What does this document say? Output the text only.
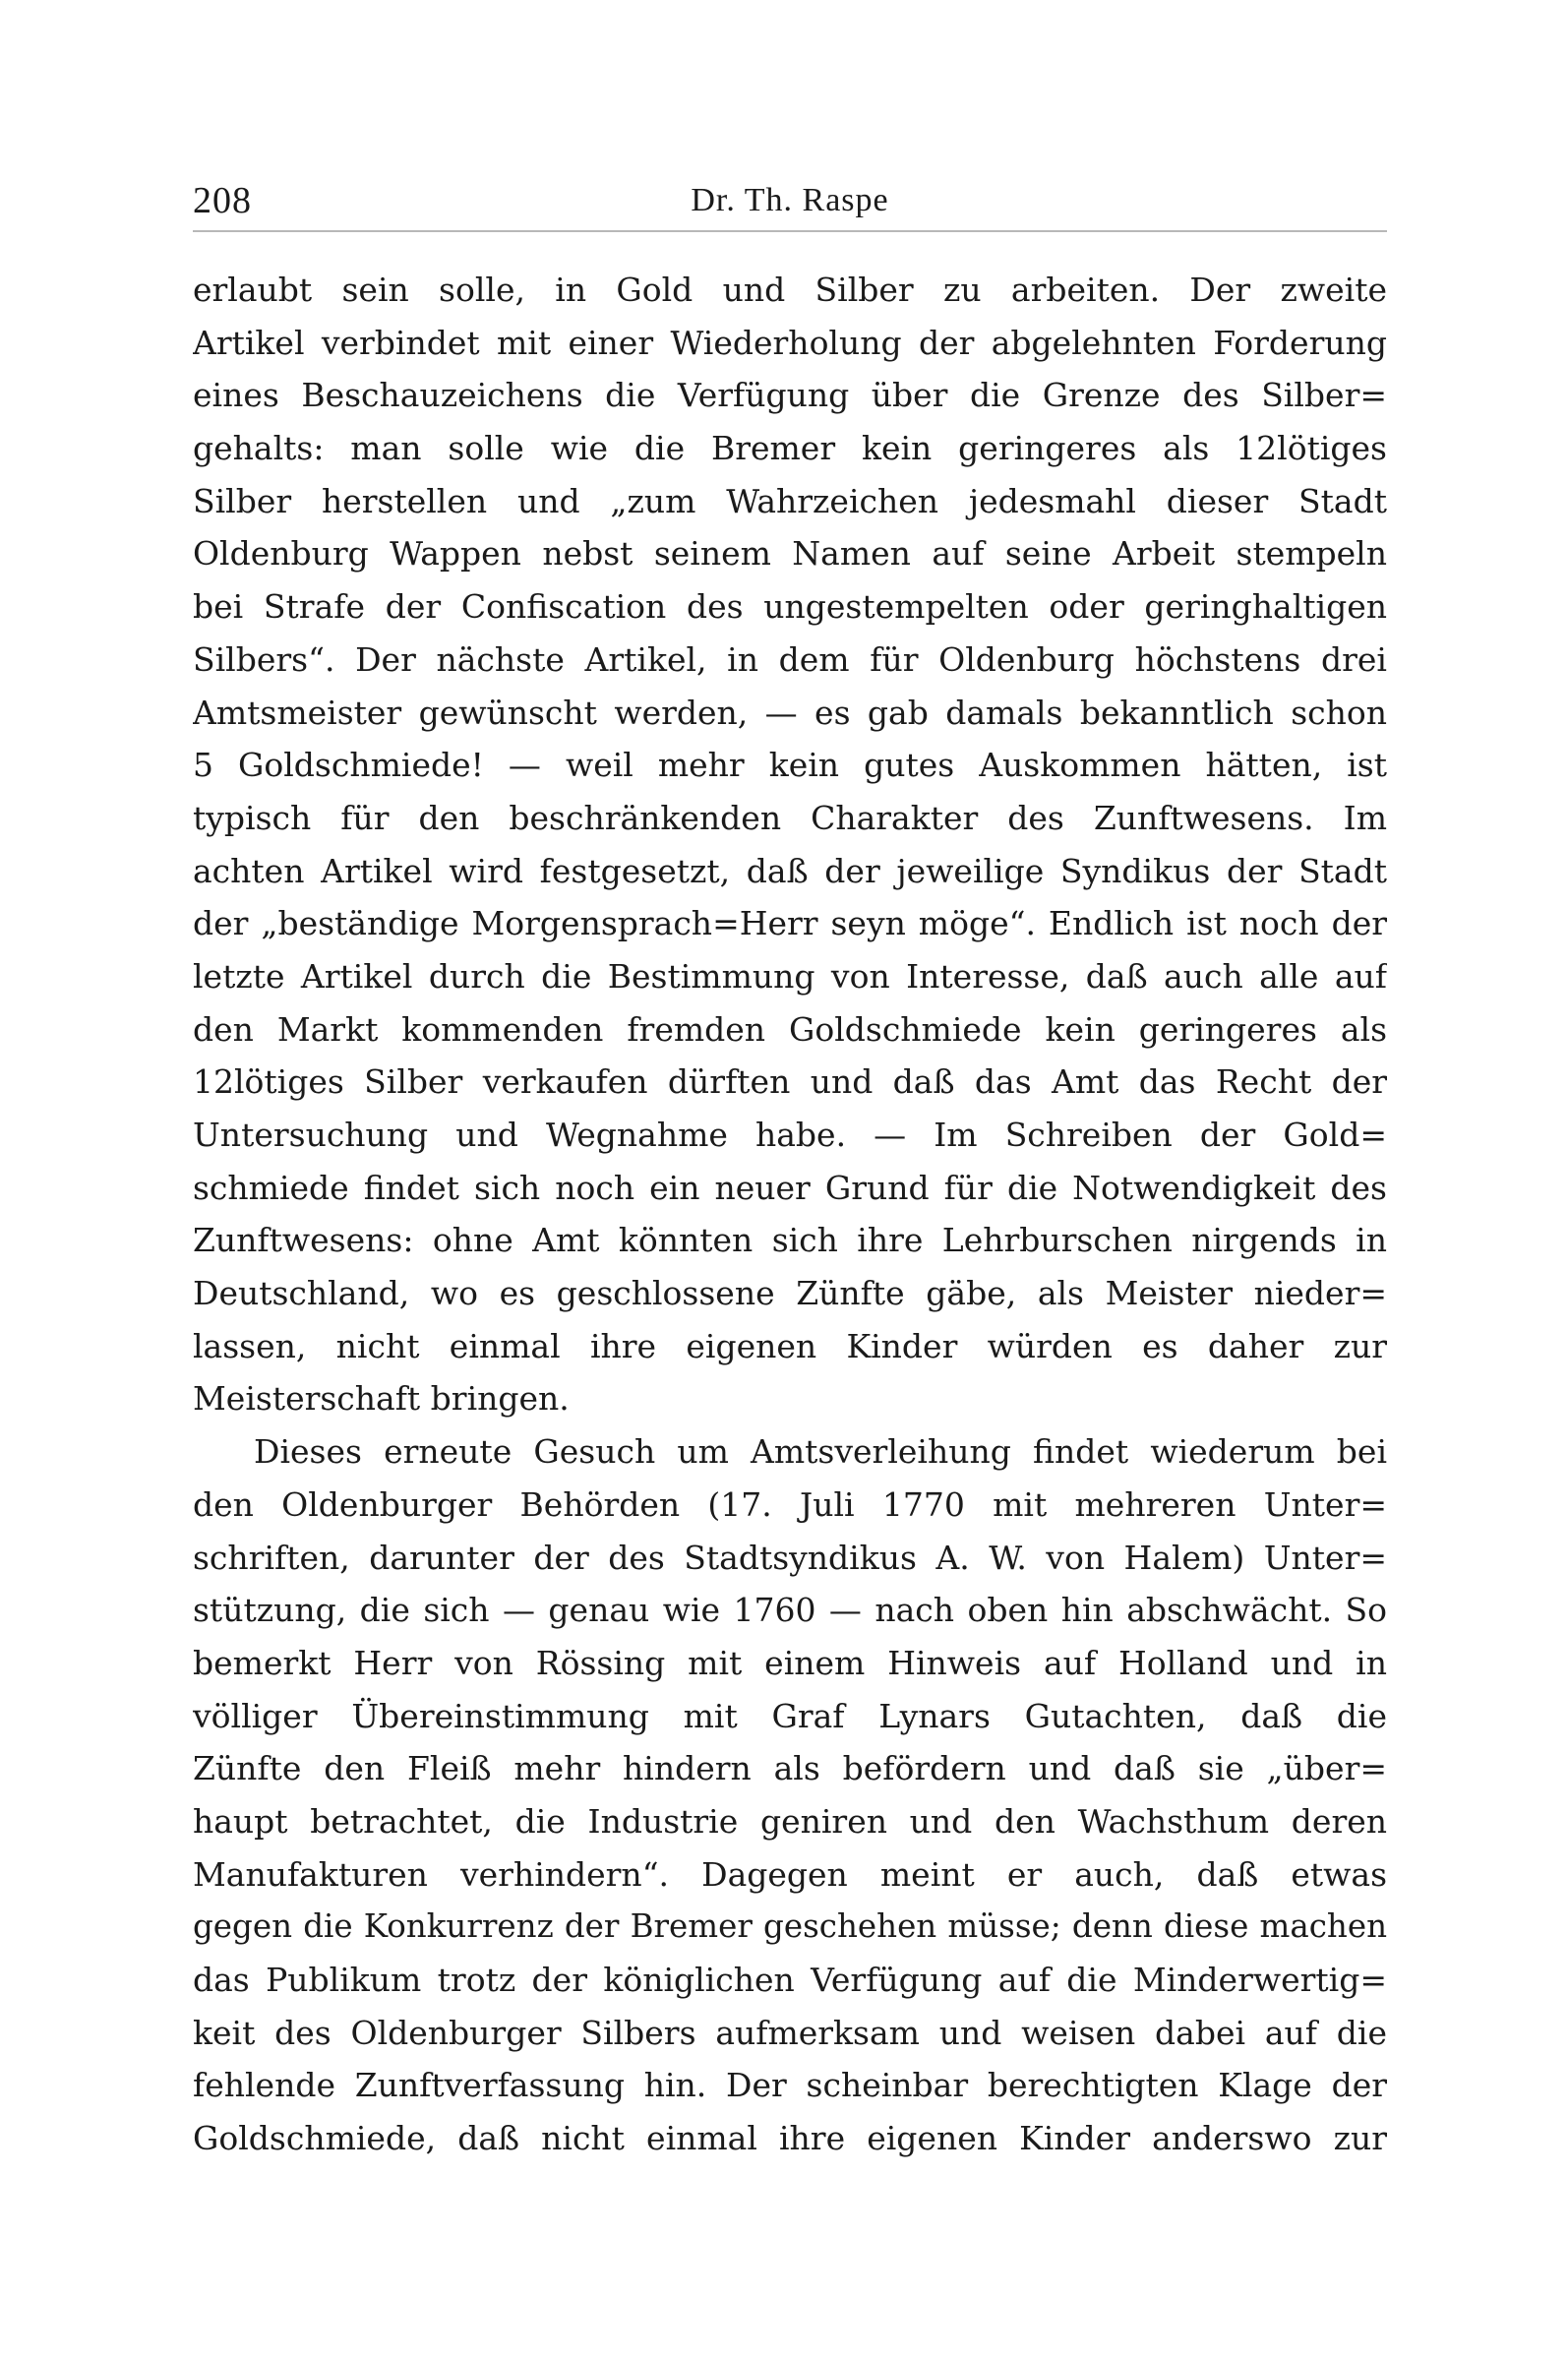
208	Dr. Th. Raspe
erlaubt sein solle, in Gold und Silber zu arbeiten. Der zweite
Artikel verbindet mit einer Wiederholung der abgelehnten Forderung
eines Beschauzeichens die Verfügung über die Grenze des Silber=
gehalts: man solle wie die Bremer kein geringeres als 12lötiges
Silber herstellen und „zum Wahrzeichen jedesmahl dieser Stadt
Oldenburg Wappen nebst seinem Namen auf seine Arbeit stempeln
bei Strafe der Confiscation des ungestempelten oder geringhaltigen
Silbers“. Der nächste Artikel, in dem für Oldenburg höchstens drei
Amtsmeister gewünscht werden, — es gab damals bekanntlich schon
5 Goldschmiede! — weil mehr kein gutes Auskommen hätten, ist
typisch für den beschränkenden Charakter des Zunftwesens. Im
achten Artikel wird festgesetzt, daß der jeweilige Syndikus der Stadt
der „beständige Morgensprach=Herr seyn möge“. Endlich ist noch der
letzte Artikel durch die Bestimmung von Interesse, daß auch alle auf
den Markt kommenden fremden Goldschmiede kein geringeres als
12lötiges Silber verkaufen dürften und daß das Amt das Recht der
Untersuchung und Wegnahme habe. — Im Schreiben der Gold=
schmiede findet sich noch ein neuer Grund für die Notwendigkeit des
Zunftwesens: ohne Amt könnten sich ihre Lehrburschen nirgends in
Deutschland, wo es geschlossene Zünfte gäbe, als Meister nieder=
lassen, nicht einmal ihre eigenen Kinder würden es daher zur
Meisterschaft bringen.
Dieses erneute Gesuch um Amtsverleihung findet wiederum bei
den Oldenburger Behörden (17. Juli 1770 mit mehreren Unter=
schriften, darunter der des Stadtsyndikus A. W. von Halem) Unter=
stützung, die sich — genau wie 1760 — nach oben hin abschwächt. So
bemerkt Herr von Rössing mit einem Hinweis auf Holland und in
völliger Übereinstimmung mit Graf Lynars Gutachten, daß die
Zünfte den Fleiß mehr hindern als befördern und daß sie „über=
haupt betrachtet, die Industrie geniren und den Wachsthum deren
Manufakturen verhindern“. Dagegen meint er auch, daß etwas
gegen die Konkurrenz der Bremer geschehen müsse; denn diese machen
das Publikum trotz der königlichen Verfügung auf die Minderwertig=
keit des Oldenburger Silbers aufmerksam und weisen dabei auf die
fehlende Zunftverfassung hin. Der scheinbar berechtigten Klage der
Goldschmiede, daß nicht einmal ihre eigenen Kinder anderswo zur
